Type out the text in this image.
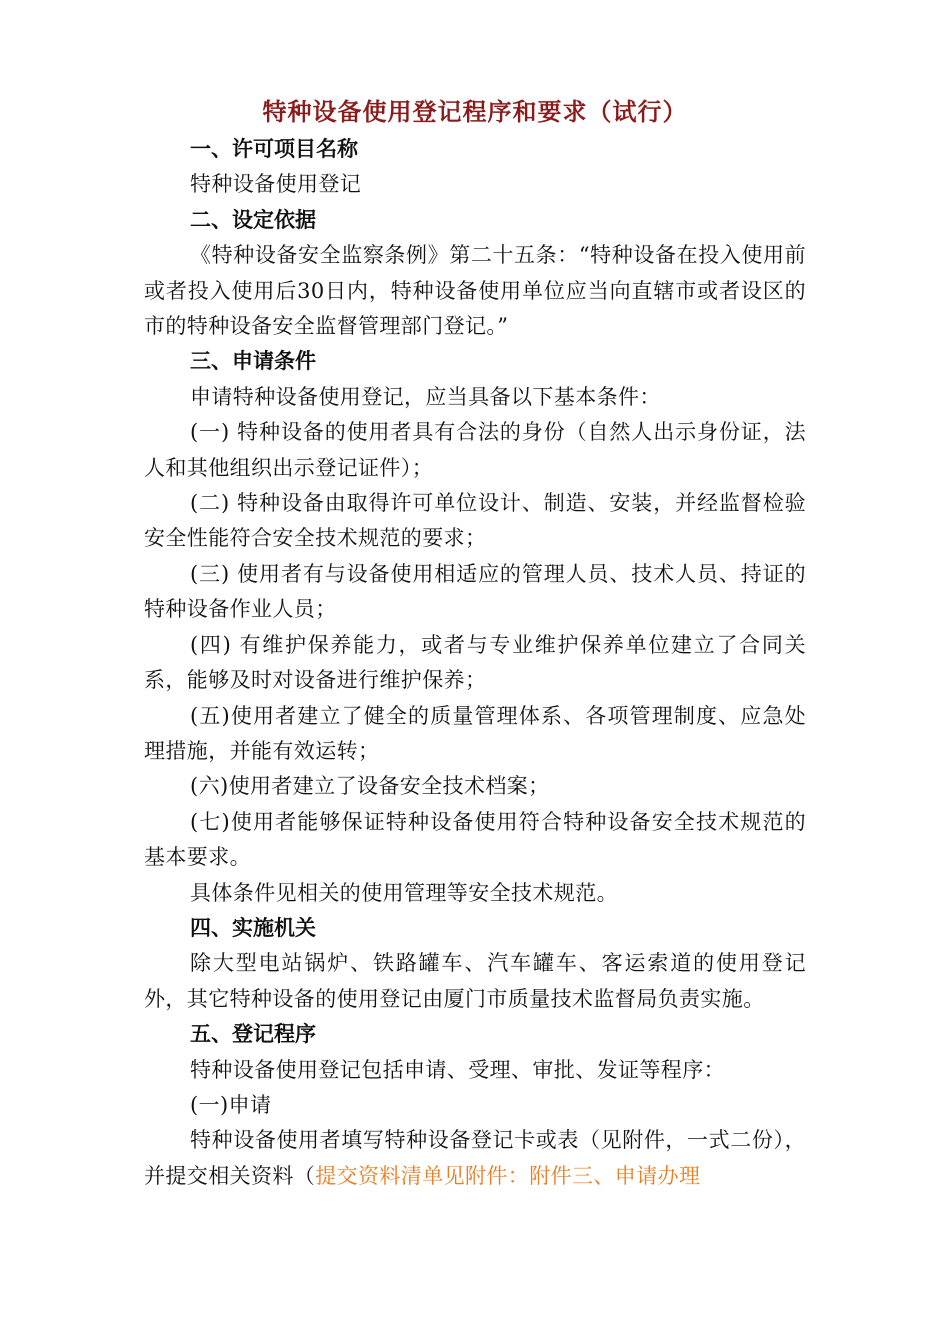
特种设备使用登记程序和要求（试行）

一、许可项目名称

特种设备使用登记

二、设定依据

《特种设备安全监察条例》第二十五条：“特种设备在投入使用前或者投入使用后30日内，特种设备使用单位应当向直辖市或者设区的市的特种设备安全监督管理部门登记。”

三、申请条件

申请特种设备使用登记，应当具备以下基本条件：

(一) 特种设备的使用者具有合法的身份（自然人出示身份证，法人和其他组织出示登记证件）；

(二) 特种设备由取得许可单位设计、制造、安装，并经监督检验安全性能符合安全技术规范的要求；

(三) 使用者有与设备使用相适应的管理人员、技术人员、持证的特种设备作业人员；

(四) 有维护保养能力，或者与专业维护保养单位建立了合同关系，能够及时对设备进行维护保养；

(五)使用者建立了健全的质量管理体系、各项管理制度、应急处理措施，并能有效运转；

(六)使用者建立了设备安全技术档案；

(七)使用者能够保证特种设备使用符合特种设备安全技术规范的基本要求。

具体条件见相关的使用管理等安全技术规范。

四、实施机关

除大型电站锅炉、铁路罐车、汽车罐车、客运索道的使用登记外，其它特种设备的使用登记由厦门市质量技术监督局负责实施。

五、登记程序

特种设备使用登记包括申请、受理、审批、发证等程序：

(一)申请

特种设备使用者填写特种设备登记卡或表（见附件，一式二份），并提交相关资料（提交资料清单见附件：附件三、申请办理
